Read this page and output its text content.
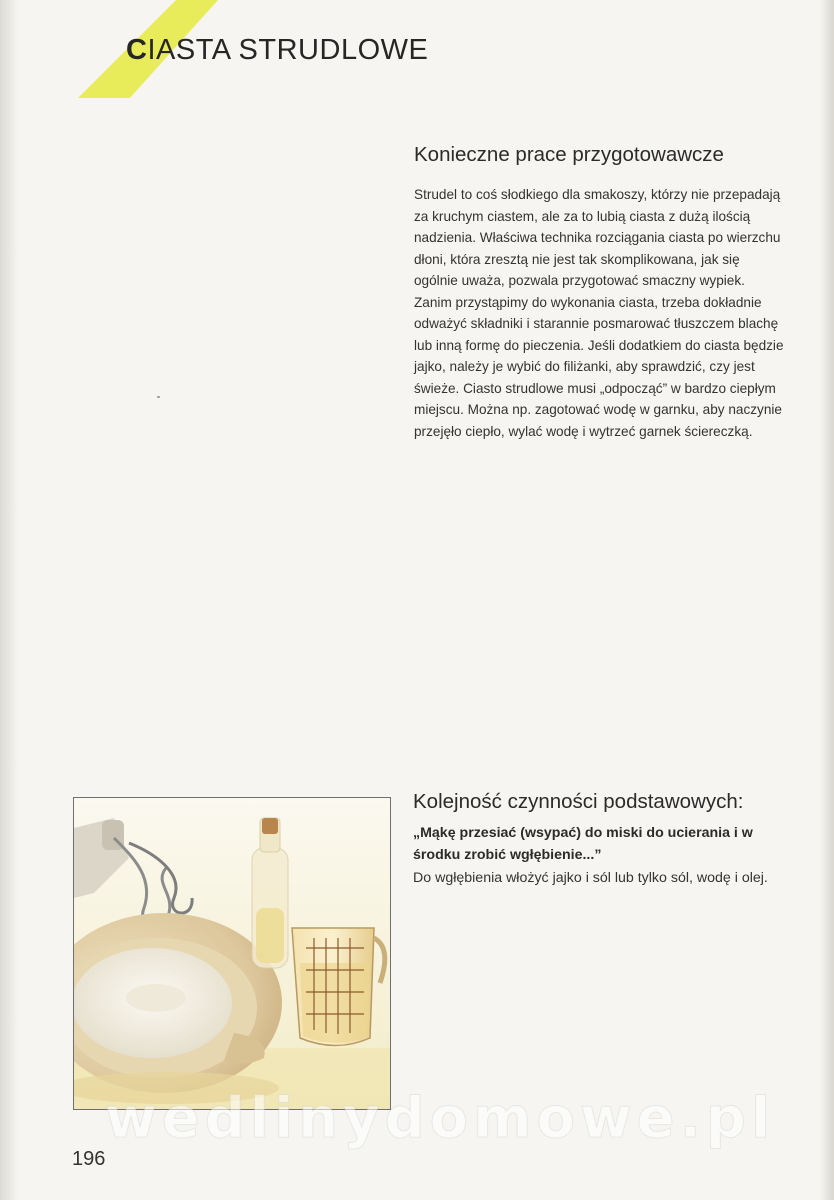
CIASTA STRUDLOWE
Konieczne prace przygotowawcze

Strudel to coś słodkiego dla smakoszy, którzy nie przepadają za kruchym ciastem, ale za to lubią ciasta z dużą ilością nadzienia. Właściwa technika rozciągania ciasta po wierzchu dłoni, która zresztą nie jest tak skomplikowana, jak się ogólnie uważa, pozwala przygotować smaczny wypiek. Zanim przystąpimy do wykonania ciasta, trzeba dokładnie odważyć składniki i starannie posmarować tłuszczem blachę lub inną formę do pieczenia. Jeśli dodatkiem do ciasta będzie jajko, należy je wybić do filiżanki, aby sprawdzić, czy jest świeże. Ciasto strudlowe musi „odpocząć” w bardzo ciepłym miejscu. Można np. zagotować wodę w garnku, aby naczynie przejęło ciepło, wylać wodę i wytrzeć garnek ściereczką.

Kolejność czynności podstawowych:

„Mąkę przesiać (wsypać) do miski do ucierania i w środku zrobić wgłębienie...”

Do wgłębienia włożyć jajko i sól lub tylko sól, wodę i olej.

wedlinydomowe.pl
196
